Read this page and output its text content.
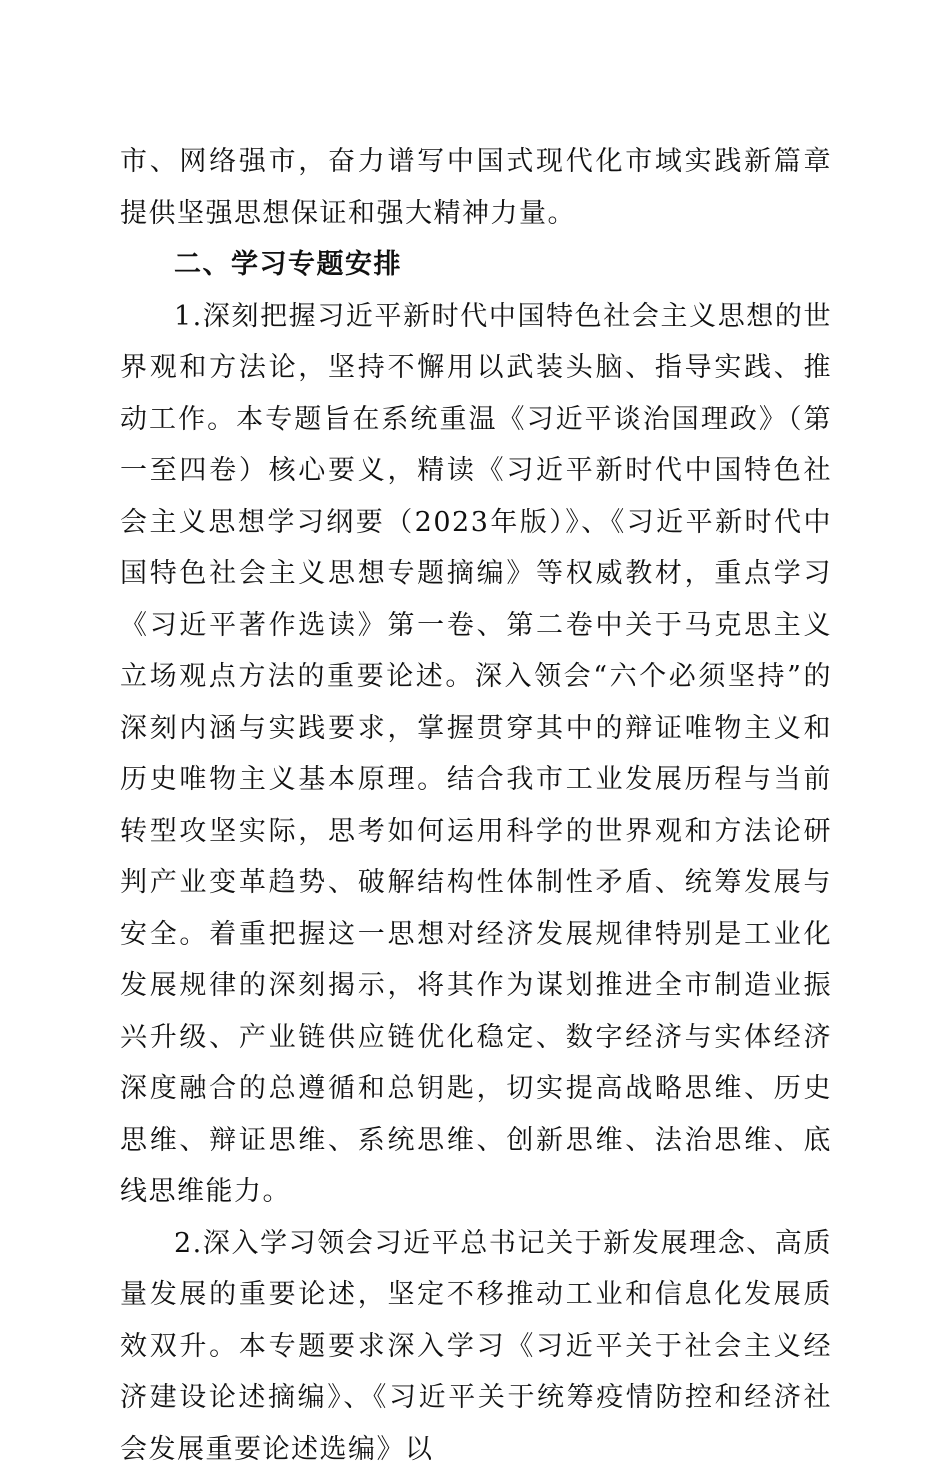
市、网络强市，奋力谱写中国式现代化市域实践新篇章提供坚强思想保证和强大精神力量。

二、学习专题安排

1.深刻把握习近平新时代中国特色社会主义思想的世界观和方法论，坚持不懈用以武装头脑、指导实践、推动工作。本专题旨在系统重温《习近平谈治国理政》（第一至四卷）核心要义，精读《习近平新时代中国特色社会主义思想学习纲要（2023年版）》、《习近平新时代中国特色社会主义思想专题摘编》等权威教材，重点学习《习近平著作选读》第一卷、第二卷中关于马克思主义立场观点方法的重要论述。深入领会“六个必须坚持”的深刻内涵与实践要求，掌握贯穿其中的辩证唯物主义和历史唯物主义基本原理。结合我市工业发展历程与当前转型攻坚实际，思考如何运用科学的世界观和方法论研判产业变革趋势、破解结构性体制性矛盾、统筹发展与安全。着重把握这一思想对经济发展规律特别是工业化发展规律的深刻揭示，将其作为谋划推进全市制造业振兴升级、产业链供应链优化稳定、数字经济与实体经济深度融合的总遵循和总钥匙，切实提高战略思维、历史思维、辩证思维、系统思维、创新思维、法治思维、底线思维能力。

2.深入学习领会习近平总书记关于新发展理念、高质量发展的重要论述，坚定不移推动工业和信息化发展质效双升。本专题要求深入学习《习近平关于社会主义经济建设论述摘编》、《习近平关于统筹疫情防控和经济社会发展重要论述选编》以
